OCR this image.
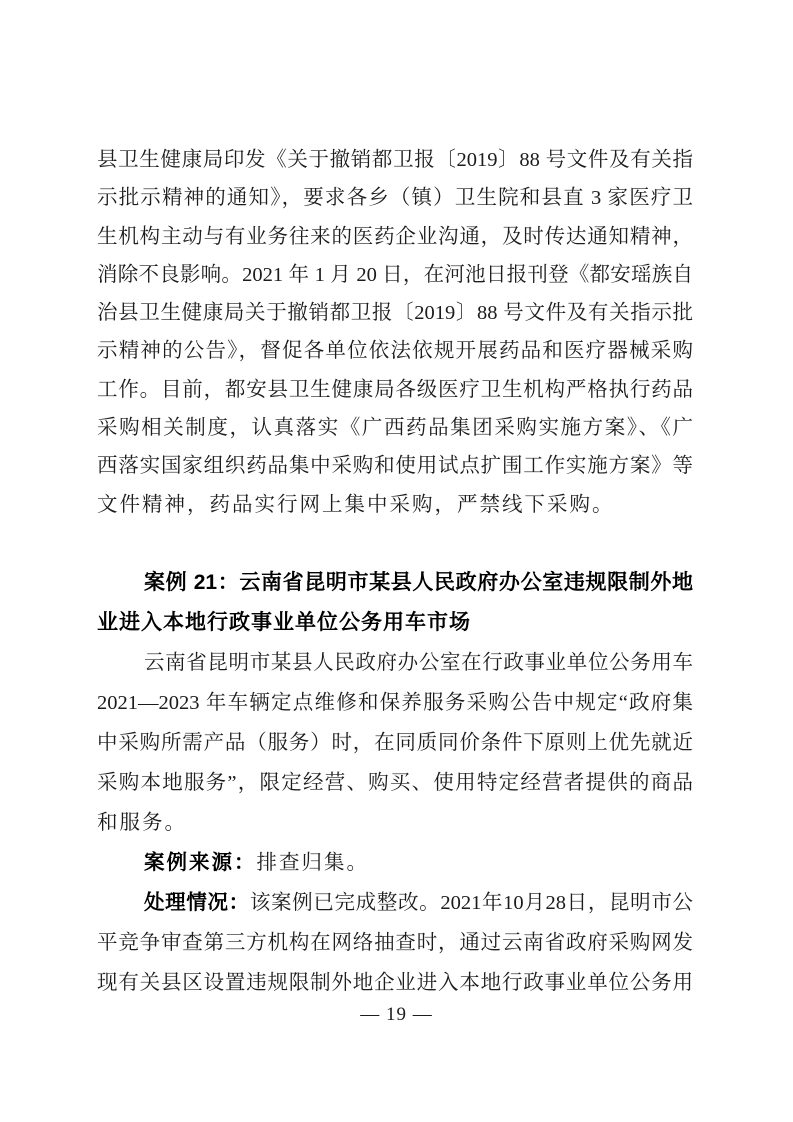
县卫生健康局印发《关于撤销都卫报〔2019〕88 号文件及有关指
示批示精神的通知》，要求各乡（镇）卫生院和县直 3 家医疗卫
生机构主动与有业务往来的医药企业沟通，及时传达通知精神，
消除不良影响。2021 年 1 月 20 日，在河池日报刊登《都安瑶族自
治县卫生健康局关于撤销都卫报〔2019〕88 号文件及有关指示批
示精神的公告》，督促各单位依法依规开展药品和医疗器械采购
工作。目前，都安县卫生健康局各级医疗卫生机构严格执行药品
采购相关制度，认真落实《广西药品集团采购实施方案》、《广
西落实国家组织药品集中采购和使用试点扩围工作实施方案》等
文件精神，药品实行网上集中采购，严禁线下采购。
案例 21：云南省昆明市某县人民政府办公室违规限制外地
业进入本地行政事业单位公务用车市场
云南省昆明市某县人民政府办公室在行政事业单位公务用车
2021—2023 年车辆定点维修和保养服务采购公告中规定“政府集
中采购所需产品（服务）时，在同质同价条件下原则上优先就近
采购本地服务”，限定经营、购买、使用特定经营者提供的商品
和服务。
案例来源：排查归集。
处理情况：该案例已完成整改。2021年10月28日，昆明市公
平竞争审查第三方机构在网络抽查时，通过云南省政府采购网发
现有关县区设置违规限制外地企业进入本地行政事业单位公务用
— 19 —
